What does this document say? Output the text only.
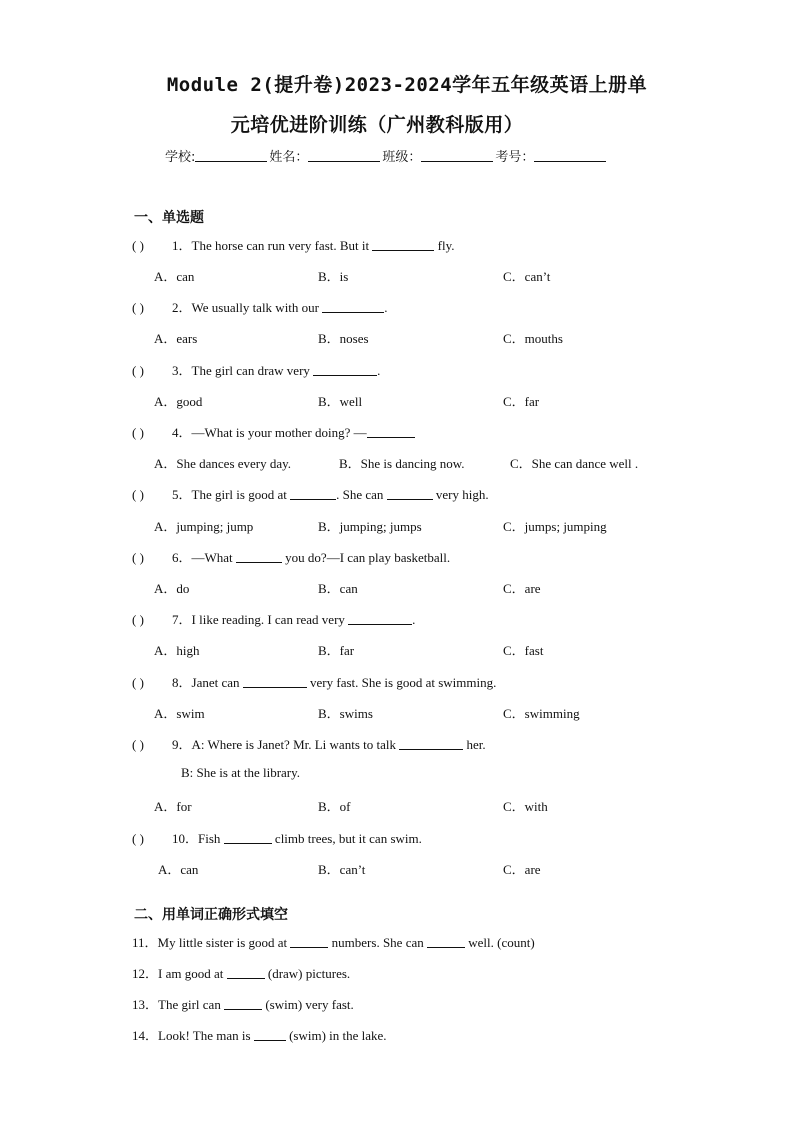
Module 2(提升卷)2023-2024学年五年级英语上册单
元培优进阶训练（广州教科版用）
学校:	姓名：	班级：	考号：
一、单选题
( ) 1．The horse can run very fast. But it	fly.
A．can	B．is	C．can’t
( ) 2．We usually talk with our	.
A．ears	B．noses	C．mouths
( ) 3．The girl can draw very	.
A．good	B．well	C．far
( ) 4．—What is your mother doing? —
A．She dances every day.	B．She is dancing now.	C．She can dance well .
( ) 5．The girl is good at	. She can	very high.
A．jumping; jump	B．jumping; jumps	C．jumps; jumping
( ) 6．—What	you do?—I can play basketball.
A．do	B．can	C．are
( ) 7．I like reading. I can read very	.
A．high	B．far	C．fast
( ) 8．Janet can	very fast. She is good at swimming.
A．swim	B．swims	C．swimming
( ) 9．A: Where is Janet? Mr. Li wants to talk	her.
B: She is at the library.
A．for	B．of	C．with
( ) 10．Fish	climb trees, but it can swim.
A．can	B．can’t	C．are
二、用单词正确形式填空
11．My little sister is good at	numbers. She can	well. (count)
12．I am good at	(draw) pictures.
13．The girl can	(swim) very fast.
14．Look! The man is  (swim) in the lake.
